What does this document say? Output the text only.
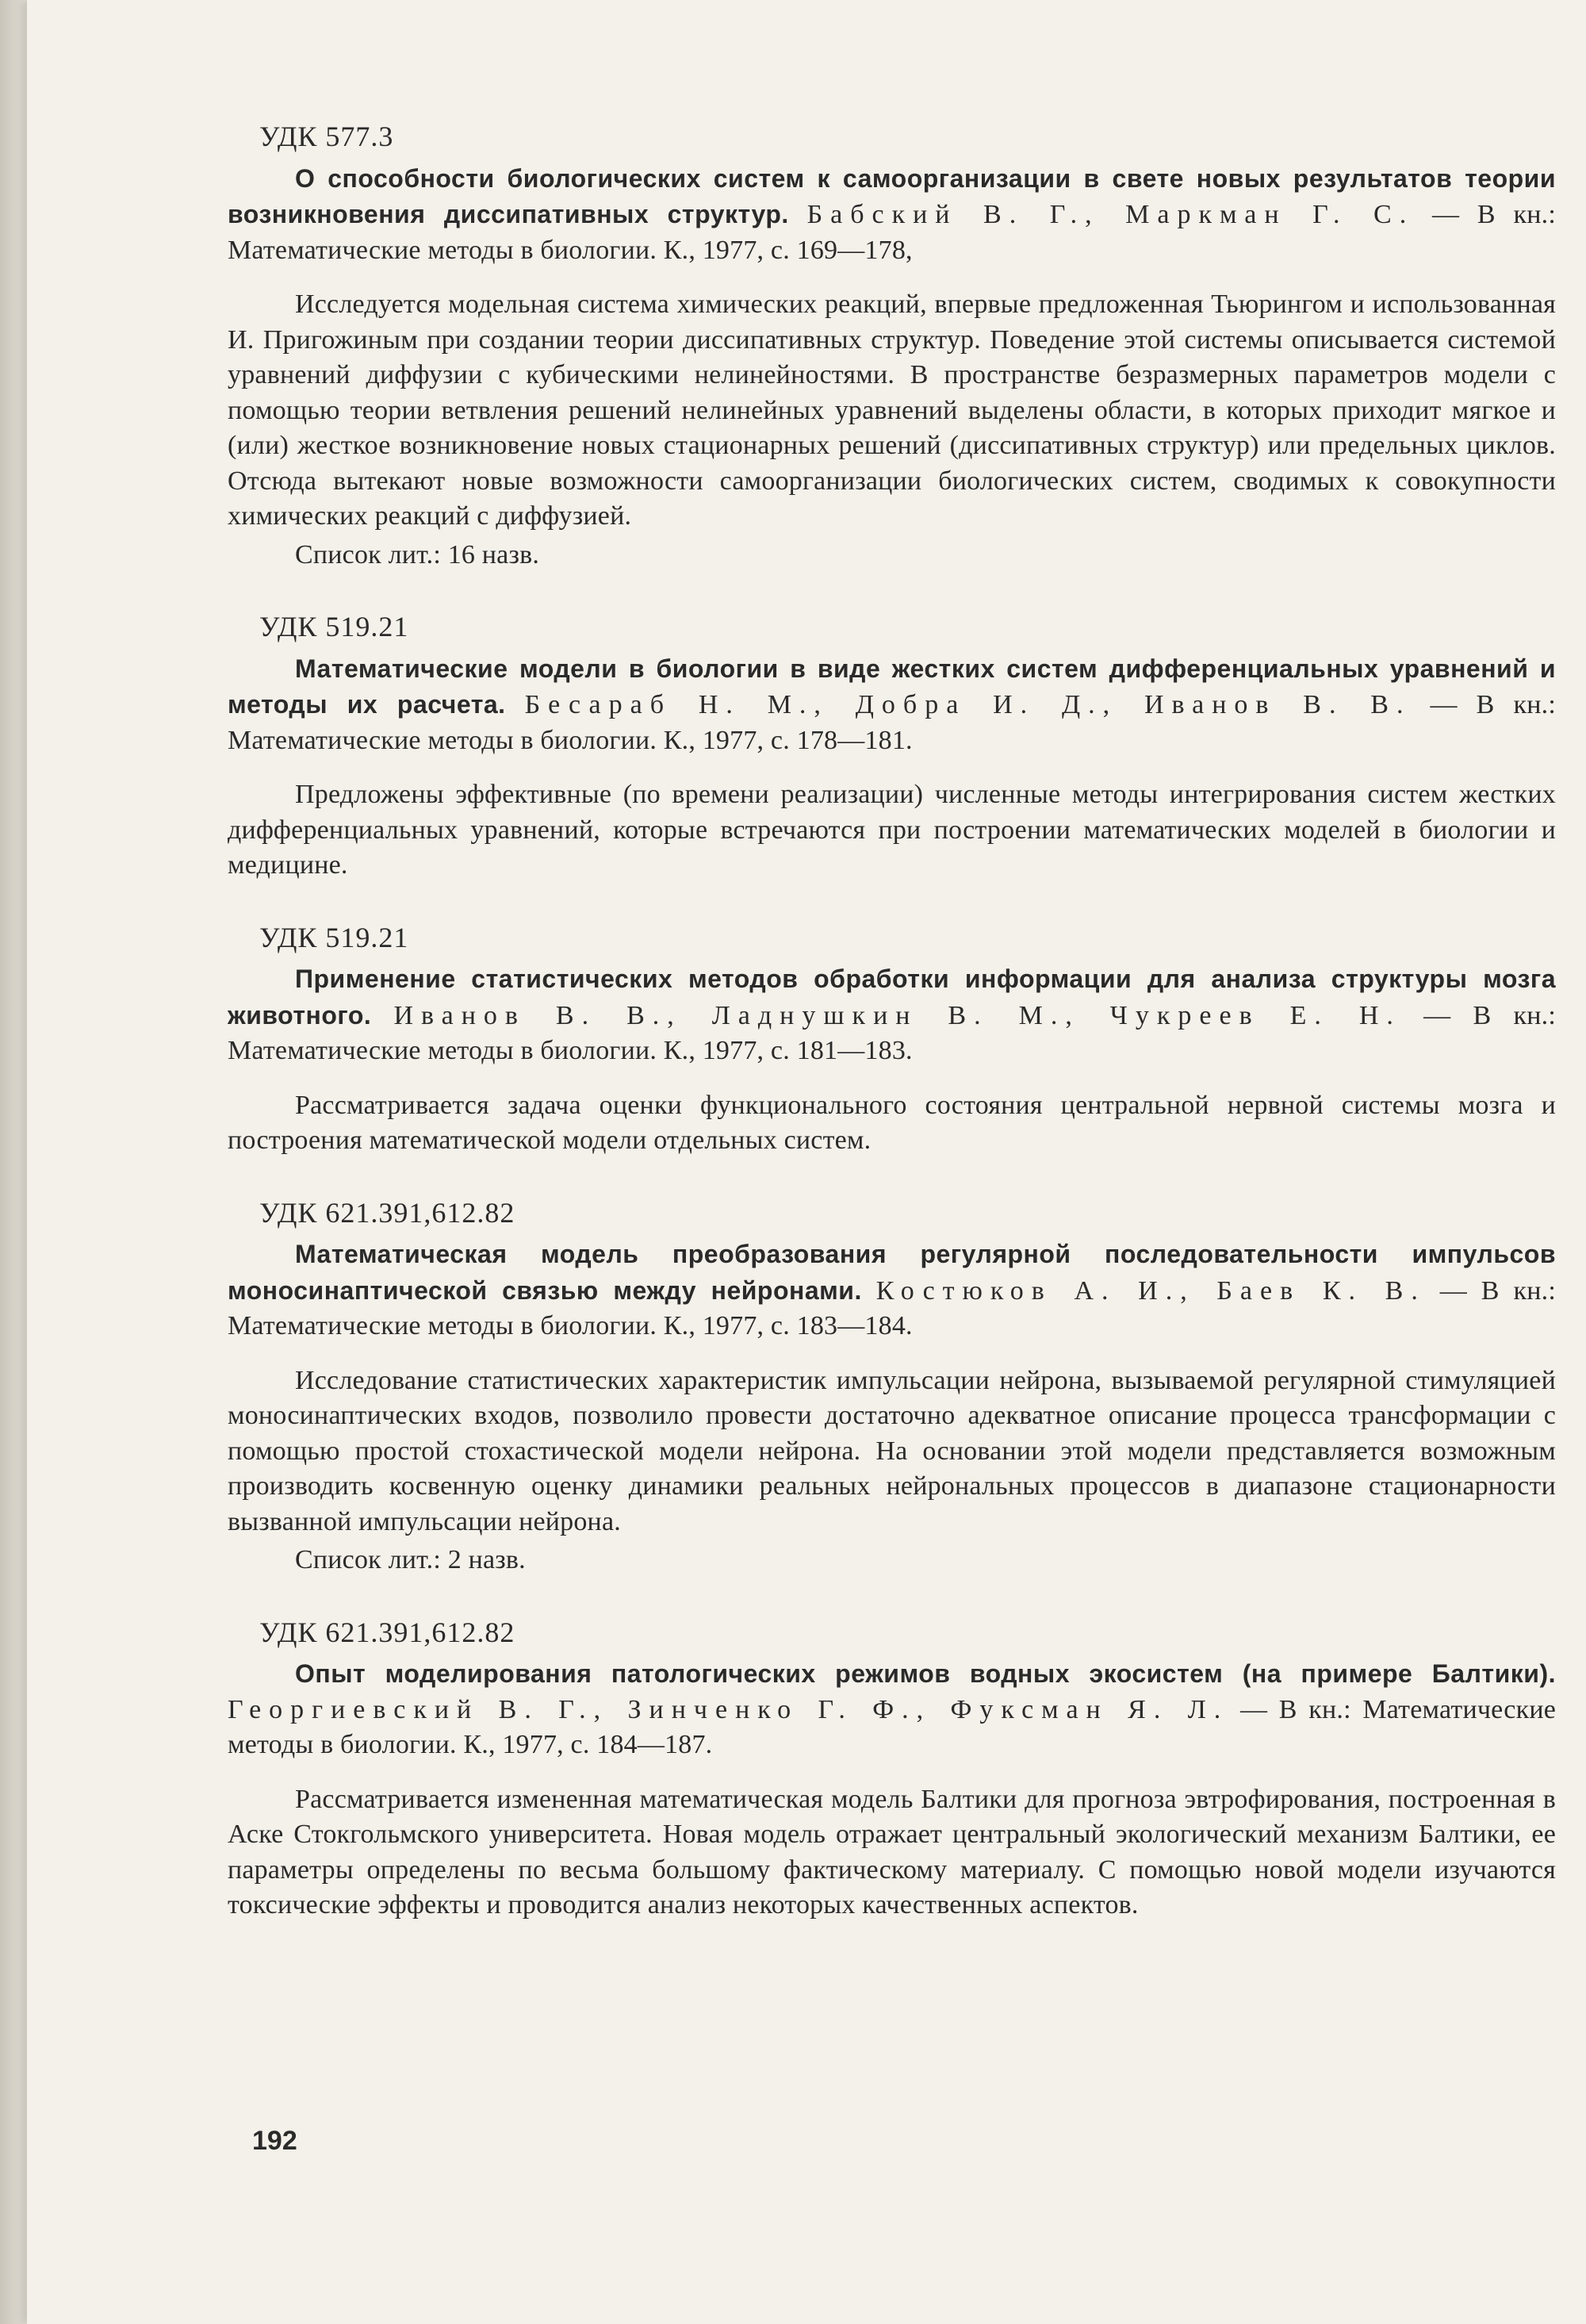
УДК 577.3

О способности биологических систем к самоорганизации в свете новых результатов теории возникновения диссипативных структур. Бабский В. Г., Маркман Г. С. — В кн.: Математические методы в биологии. К., 1977, с. 169—178,

Исследуется модельная система химических реакций, впервые предложенная Тьюрингом и использованная И. Пригожиным при создании теории диссипативных структур. Поведение этой системы описывается системой уравнений диффузии с кубическими нелинейностями. В пространстве безразмерных параметров модели с помощью теории ветвления решений нелинейных уравнений выделены области, в которых приходит мягкое и (или) жесткое возникновение новых стационарных решений (диссипативных структур) или предельных циклов. Отсюда вытекают новые возможности самоорганизации биологических систем, сводимых к совокупности химических реакций с диффузией.

Список лит.: 16 назв.

УДК 519.21

Математические модели в биологии в виде жестких систем дифференциальных уравнений и методы их расчета. Бесараб Н. М., Добра И. Д., Иванов В. В. — В кн.: Математические методы в биологии. К., 1977, с. 178—181.

Предложены эффективные (по времени реализации) численные методы интегрирования систем жестких дифференциальных уравнений, которые встречаются при построении математических моделей в биологии и медицине.

УДК 519.21

Применение статистических методов обработки информации для анализа структуры мозга животного. Иванов В. В., Ладнушкин В. М., Чукреев Е. Н. — В кн.: Математические методы в биологии. К., 1977, с. 181—183.

Рассматривается задача оценки функционального состояния центральной нервной системы мозга и построения математической модели отдельных систем.

УДК 621.391,612.82

Математическая модель преобразования регулярной последовательности импульсов моносинаптической связью между нейронами. Костюков А. И., Баев К. В. — В кн.: Математические методы в биологии. К., 1977, с. 183—184.

Исследование статистических характеристик импульсации нейрона, вызываемой регулярной стимуляцией моносинаптических входов, позволило провести достаточно адекватное описание процесса трансформации с помощью простой стохастической модели нейрона. На основании этой модели представляется возможным производить косвенную оценку динамики реальных нейрональных процессов в диапазоне стационарности вызванной импульсации нейрона.

Список лит.: 2 назв.

УДК 621.391,612.82

Опыт моделирования патологических режимов водных экосистем (на примере Балтики). Георгиевский В. Г., Зинченко Г. Ф., Фуксман Я. Л. — В кн.: Математические методы в биологии. К., 1977, с. 184—187.

Рассматривается измененная математическая модель Балтики для прогноза эвтрофирования, построенная в Аске Стокгольмского университета. Новая модель отражает центральный экологический механизм Балтики, ее параметры определены по весьма большому фактическому материалу. С помощью новой модели изучаются токсические эффекты и проводится анализ некоторых качественных аспектов.

192
